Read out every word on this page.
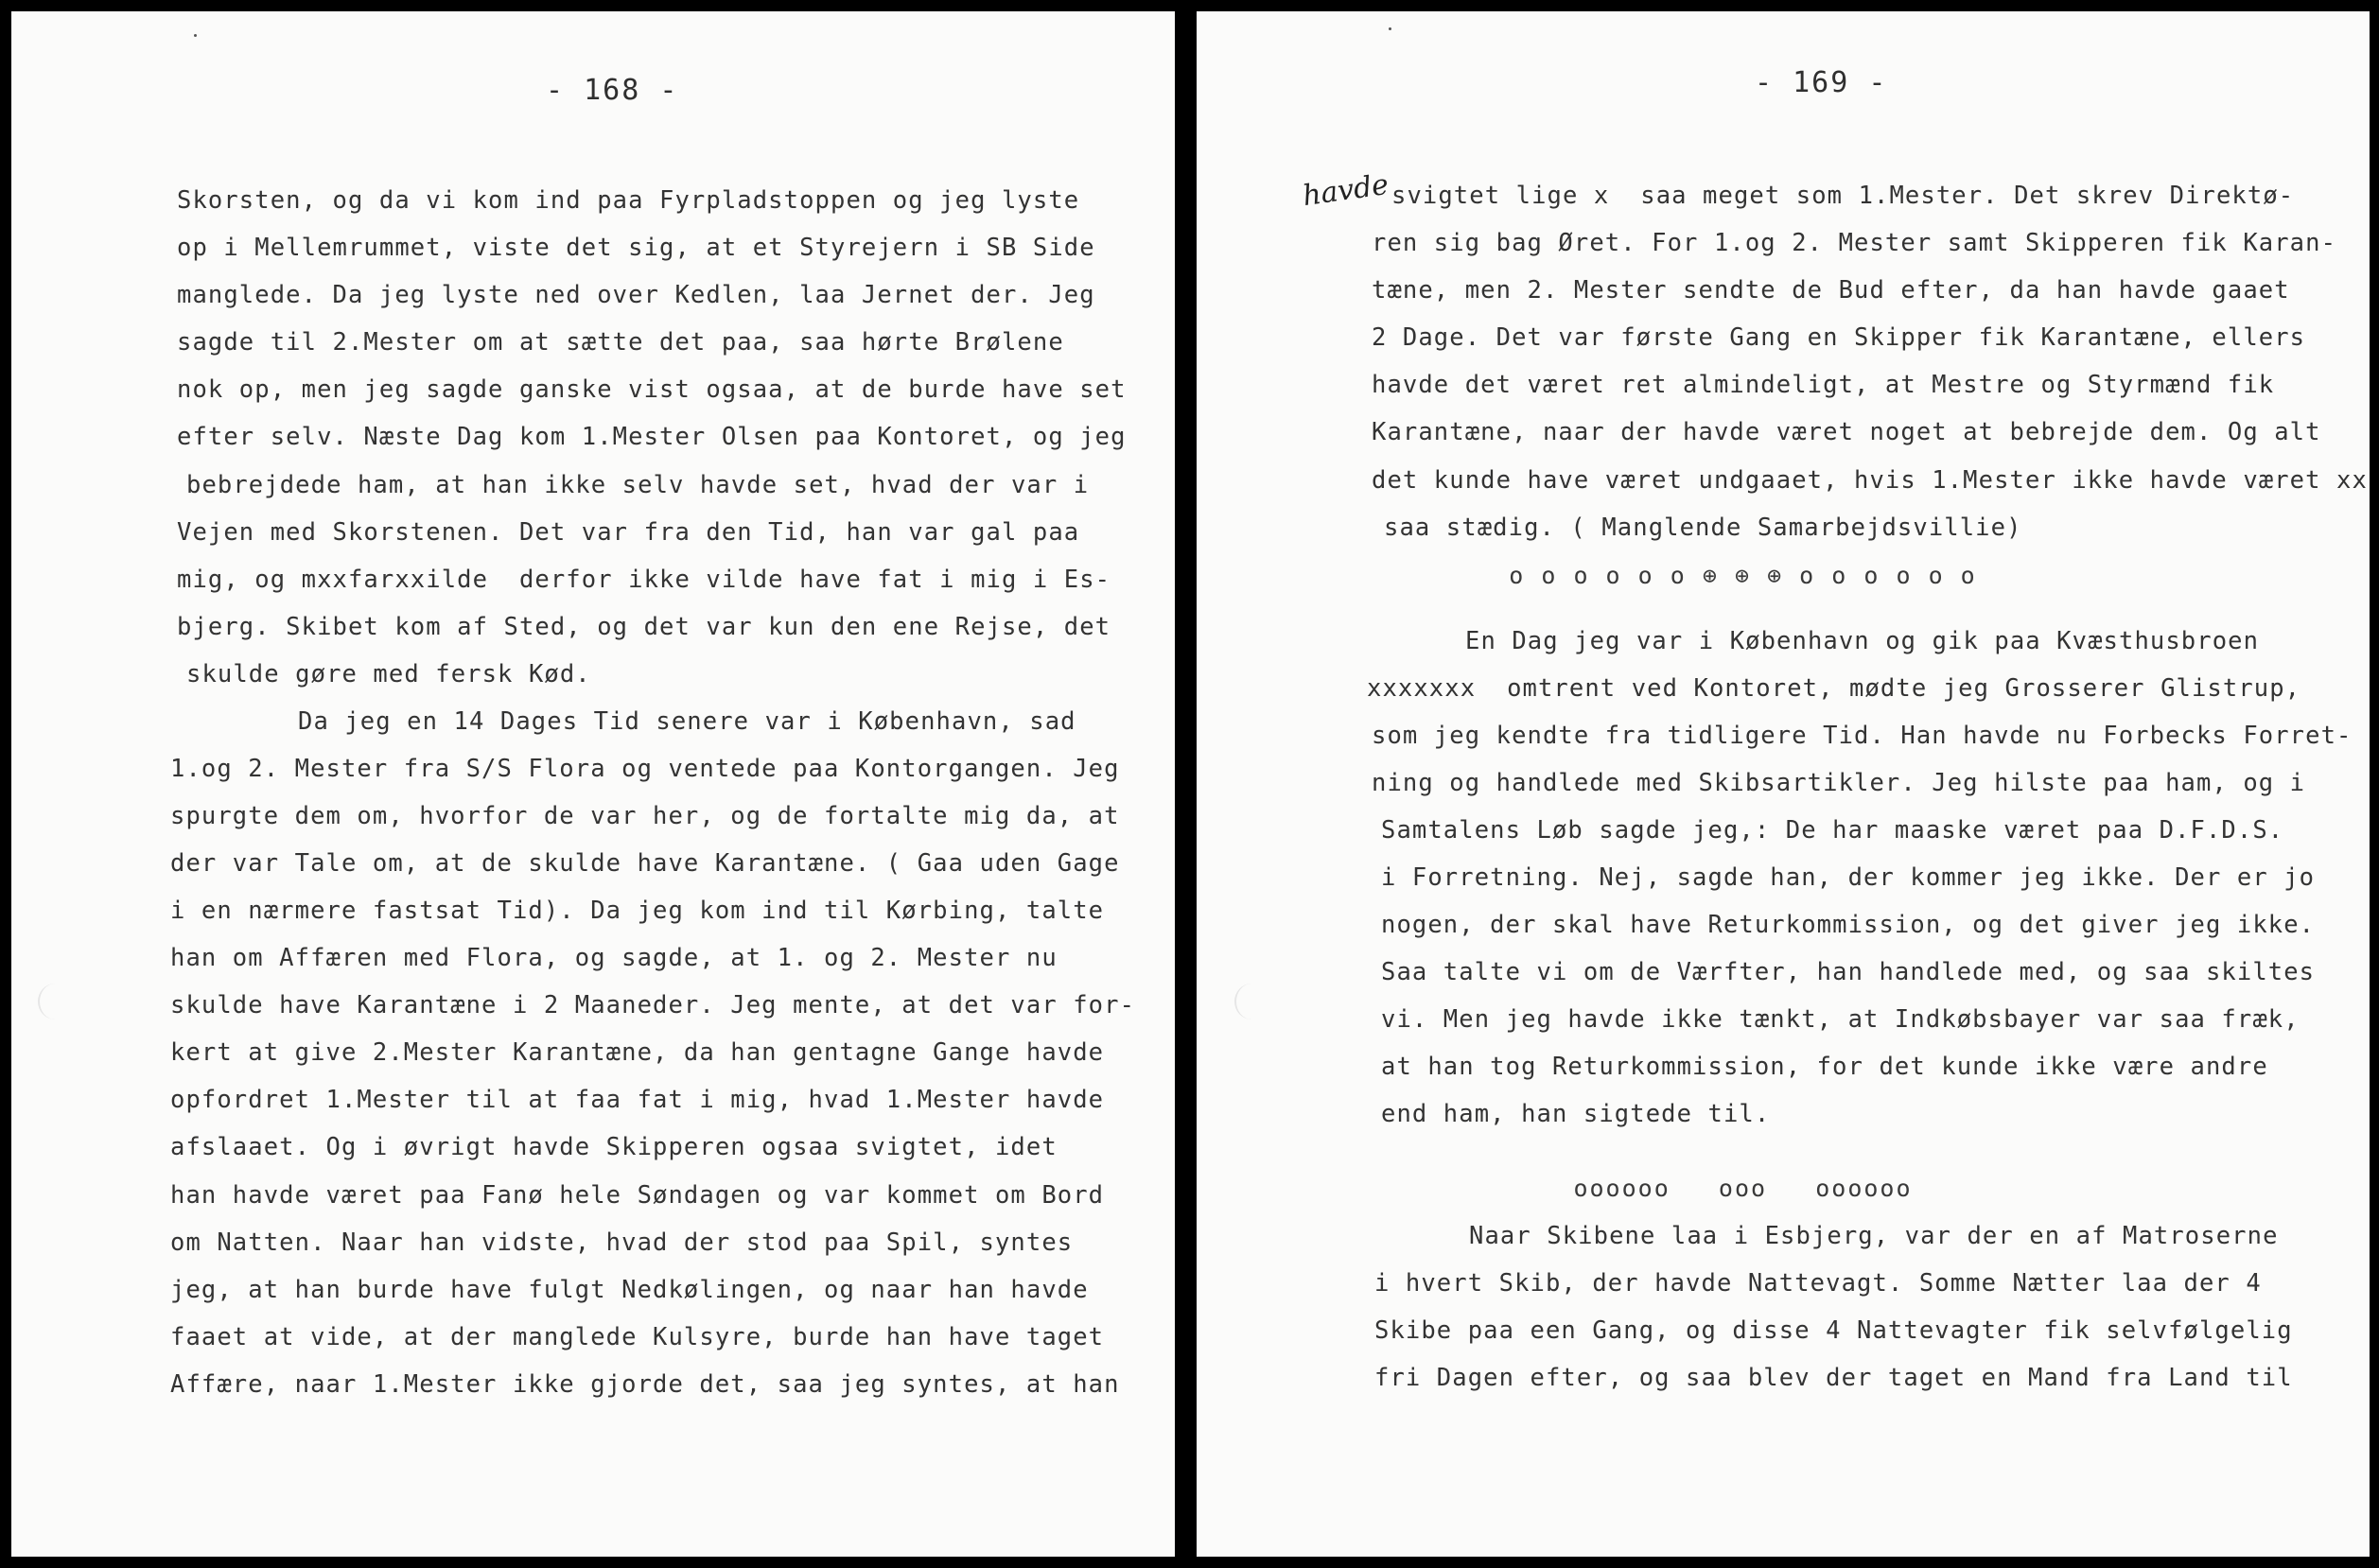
- 168 -
Skorsten, og da vi kom ind paa Fyrpladstoppen og jeg lyste
op i Mellemrummet, viste det sig, at et Styrejern i SB Side
manglede. Da jeg lyste ned over Kedlen, laa Jernet der. Jeg
sagde til 2.Mester om at sætte det paa, saa hørte Brølene
nok op, men jeg sagde ganske vist ogsaa, at de burde have set
efter selv. Næste Dag kom 1.Mester Olsen paa Kontoret, og jeg
bebrejdede ham, at han ikke selv havde set, hvad der var i
Vejen med Skorstenen. Det var fra den Tid, han var gal paa
mig, og mxxfarxxilde  derfor ikke vilde have fat i mig i Es-
bjerg. Skibet kom af Sted, og det var kun den ene Rejse, det
skulde gøre med fersk Kød.
Da jeg en 14 Dages Tid senere var i København, sad
1.og 2. Mester fra S/S Flora og ventede paa Kontorgangen. Jeg
spurgte dem om, hvorfor de var her, og de fortalte mig da, at
der var Tale om, at de skulde have Karantæne. ( Gaa uden Gage
i en nærmere fastsat Tid). Da jeg kom ind til Kørbing, talte
han om Affæren med Flora, og sagde, at 1. og 2. Mester nu
skulde have Karantæne i 2 Maaneder. Jeg mente, at det var for-
kert at give 2.Mester Karantæne, da han gentagne Gange havde
opfordret 1.Mester til at faa fat i mig, hvad 1.Mester havde
afslaaet. Og i øvrigt havde Skipperen ogsaa svigtet, idet
han havde været paa Fanø hele Søndagen og var kommet om Bord
om Natten. Naar han vidste, hvad der stod paa Spil, syntes
jeg, at han burde have fulgt Nedkølingen, og naar han havde
faaet at vide, at der manglede Kulsyre, burde han have taget
Affære, naar 1.Mester ikke gjorde det, saa jeg syntes, at han
- 169 -
havde svigtet lige x  saa meget som 1.Mester. Det skrev Direktø-
ren sig bag Øret. For 1.og 2. Mester samt Skipperen fik Karan-
tæne, men 2. Mester sendte de Bud efter, da han havde gaaet
2 Dage. Det var første Gang en Skipper fik Karantæne, ellers
havde det været ret almindeligt, at Mestre og Styrmænd fik
Karantæne, naar der havde været noget at bebrejde dem. Og alt
det kunde have været undgaaet, hvis 1.Mester ikke havde været xx
saa stædig. ( Manglende Samarbejdsvillie)
o o o o o o ⊕ ⊕ ⊕ o o o o o o
En Dag jeg var i København og gik paa Kvæsthusbroen
xxxxxxx  omtrent ved Kontoret, mødte jeg Grosserer Glistrup,
som jeg kendte fra tidligere Tid. Han havde nu Forbecks Forret-
ning og handlede med Skibsartikler. Jeg hilste paa ham, og i
Samtalens Løb sagde jeg,: De har maaske været paa D.F.D.S.
i Forretning. Nej, sagde han, der kommer jeg ikke. Der er jo
nogen, der skal have Returkommission, og det giver jeg ikke.
Saa talte vi om de Værfter, han handlede med, og saa skiltes
vi. Men jeg havde ikke tænkt, at Indkøbsbayer var saa fræk,
at han tog Returkommission, for det kunde ikke være andre
end ham, han sigtede til.
oooooo   ooo   oooooo
Naar Skibene laa i Esbjerg, var der en af Matroserne
i hvert Skib, der havde Nattevagt. Somme Nætter laa der 4
Skibe paa een Gang, og disse 4 Nattevagter fik selvfølgelig
fri Dagen efter, og saa blev der taget en Mand fra Land til
